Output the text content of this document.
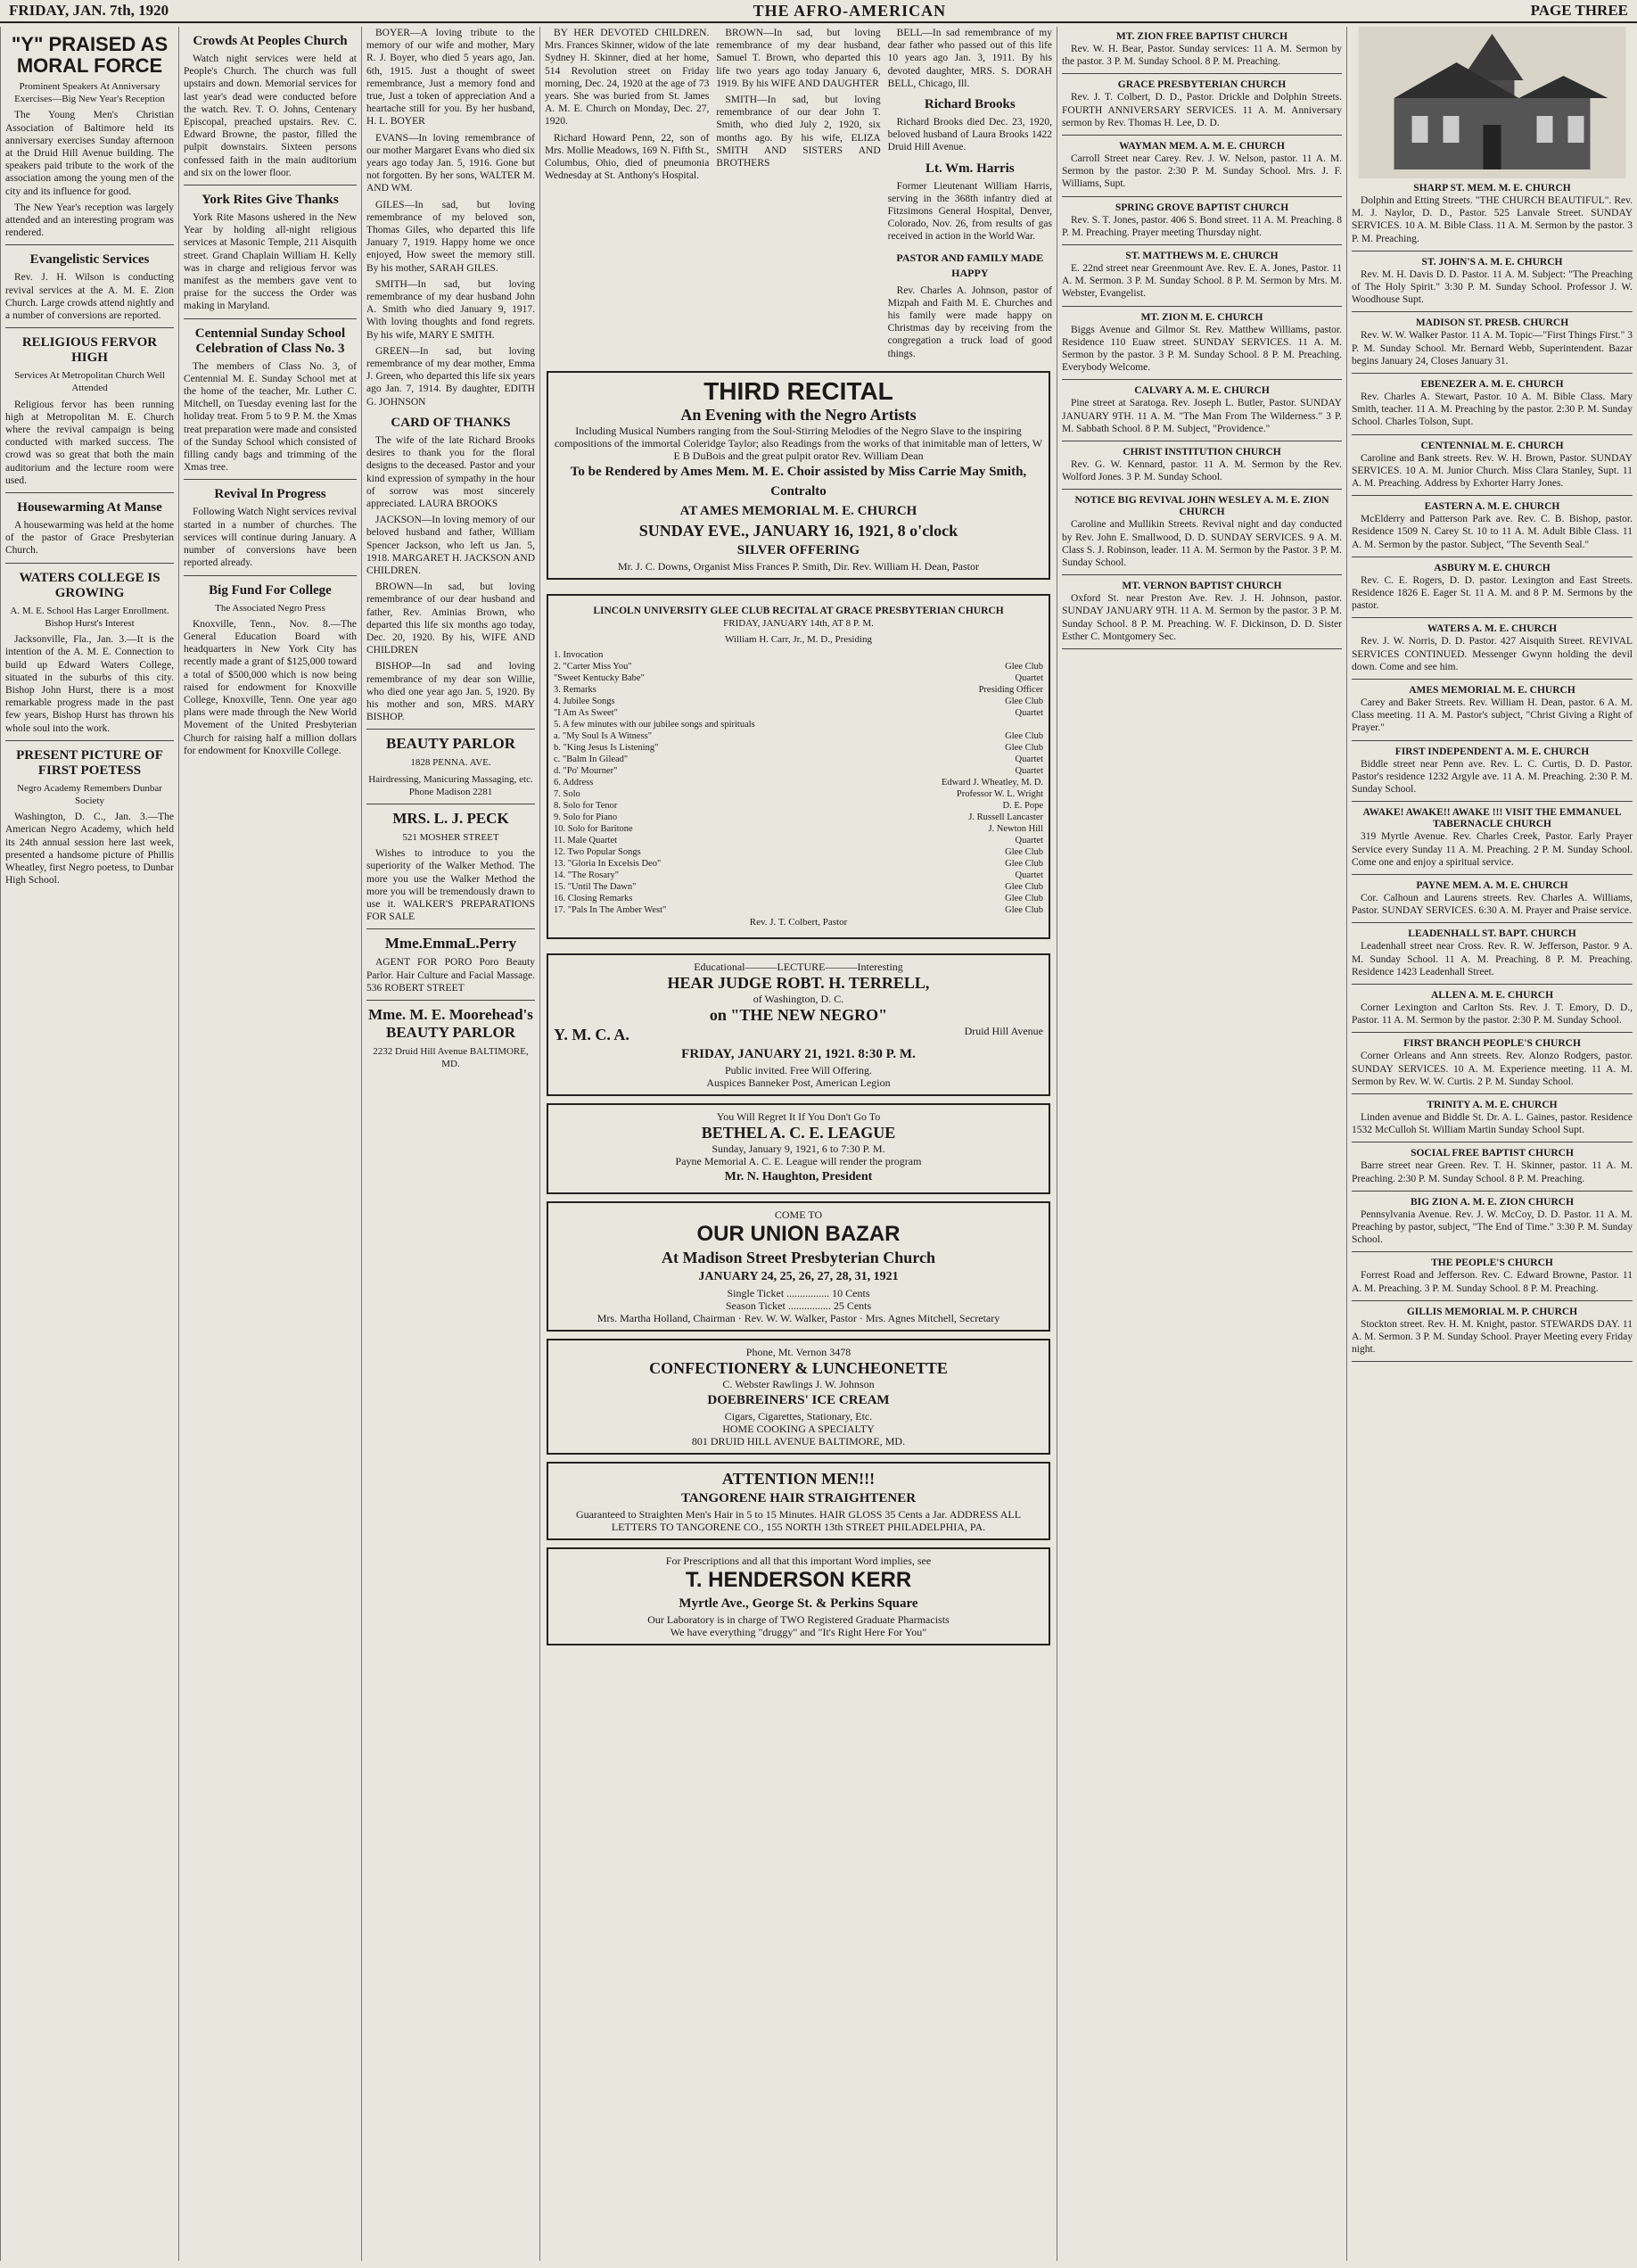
FRIDAY, JAN. 7th, 1920	THE AFRO-AMERICAN	PAGE THREE
"Y" PRAISED AS MORAL FORCE
Prominent Speakers At Anniversary Exercises—Big New Year's Reception

The Young Men's Christian Association of Baltimore held its anniversary exercises Sunday afternoon at the Druid Hill Avenue building. The speakers paid tribute to the work of the association among the young men of the city and its influence for good.

The New Year's reception was largely attended and an interesting program was rendered.

Evangelistic Services

Rev. J. H. Wilson is conducting revival services at the A. M. E. Zion Church. Large crowds attend nightly and a number of conversions are reported.

RELIGIOUS FERVOR HIGH
Services At Metropolitan Church Well Attended

Religious fervor has been running high at Metropolitan M. E. Church where the revival campaign is being conducted with marked success. The crowd was so great that both the main auditorium and the lecture room were used.

Housewarming At Manse

A housewarming was held at the home of the pastor of Grace Presbyterian Church.

WATERS COLLEGE IS GROWING
A. M. E. School Has Larger Enrollment. Bishop Hurst's Interest

Jacksonville, Fla., Jan. 3.—It is the intention of the A. M. E. Connection to build up Edward Waters College, situated in the suburbs of this city. Bishop John Hurst, there is a most remarkable progress made in the past few years, Bishop Hurst has thrown his whole soul into the work.

PRESENT PICTURE OF FIRST POETESS
Negro Academy Remembers Dunbar Society

Washington, D. C., Jan. 3.—The American Negro Academy, which held its 24th annual session here last week, presented a handsome picture of Phillis Wheatley, first Negro poetess, to Dunbar High School.

Crowds At Peoples Church

Watch night services were held at People's Church. The church was full upstairs and down. Memorial services for last year's dead were conducted before the watch. Rev. T. O. Johns, Centenary Episcopal, preached upstairs. Rev. C. Edward Browne, the pastor, filled the pulpit downstairs. Sixteen persons confessed faith in the main auditorium and six on the lower floor.

York Rites Give Thanks

York Rite Masons ushered in the New Year by holding all-night religious services at Masonic Temple, 211 Aisquith street. Grand Chaplain William H. Kelly was in charge and religious fervor was manifest as the members gave vent to praise for the success the Order was making in Maryland.

Centennial Sunday School Celebration of Class No. 3

The members of Class No. 3, of Centennial M. E. Sunday School met at the home of the teacher, Mr. Luther C. Mitchell, on Tuesday evening last for the holiday treat. From 5 to 9 P. M. the Xmas treat preparation were made and consisted of the Sunday School which consisted of filling candy bags and trimming of the Xmas tree.

Revival In Progress

Following Watch Night services revival started in a number of churches. The services will continue during January. A number of conversions have been reported already.

Big Fund For College
The Associated Negro Press

Knoxville, Tenn., Nov. 8.—The General Education Board with headquarters in New York City has recently made a grant of $125,000 toward a total of $500,000 which is now being raised for endowment for Knoxville College, Knoxville, Tenn. One year ago plans were made through the New World Movement of the United Presbyterian Church for raising half a million dollars for endowment for Knoxville College.

BOYER—A loving tribute to the memory of our wife and mother, Mary R. J. Boyer, who died 5 years ago, Jan. 6th, 1915. Just a thought of sweet remembrance, Just a memory fond and true, Just a token of appreciation And a heartache still for you. By her husband, H. L. BOYER

EVANS—In loving remembrance of our mother Margaret Evans who died six years ago today Jan. 5, 1916. Gone but not forgotten. By her sons, WALTER M. AND WM.

GILES—In sad, but loving remembrance of my beloved son, Thomas Giles, who departed this life January 7, 1919. Happy home we once enjoyed, How sweet the memory still. By his mother, SARAH GILES.

SMITH—In sad, but loving remembrance of my dear husband John A. Smith who died January 9, 1917. With loving thoughts and fond regrets. By his wife, MARY E SMITH.

GREEN—In sad, but loving remembrance of my dear mother, Emma J. Green, who departed this life six years ago Jan. 7, 1914. By daughter, EDITH G. JOHNSON

CARD OF THANKS

The wife of the late Richard Brooks desires to thank you for the floral designs to the deceased. Pastor and your kind expression of sympathy in the hour of sorrow was most sincerely appreciated. LAURA BROOKS

JACKSON—In loving memory of our beloved husband and father, William Spencer Jackson, who left us Jan. 5, 1918. MARGARET H. JACKSON AND CHILDREN.

BROWN—In sad, but loving remembrance of our dear husband and father, Rev. Aminias Brown, who departed this life six months ago today, Dec. 20, 1920. By his, WIFE AND CHILDREN

BISHOP—In sad and loving remembrance of my dear son Willie, who died one year ago Jan. 5, 1920. By his mother and son, MRS. MARY BISHOP.

BEAUTY PARLOR
1828 PENNA. AVE.
Hairdressing, Manicuring Massaging, etc. Phone Madison 2281
MRS. L. J. PECK
521 MOSHER STREET

Wishes to introduce to you the superiority of the Walker Method. The more you use the Walker Method the more you will be tremendously drawn to use it. WALKER'S PREPARATIONS FOR SALE

Mme.EmmaL.Perry

AGENT FOR PORO Poro Beauty Parlor. Hair Culture and Facial Massage. 536 ROBERT STREET

Mme. M. E. Moorehead's BEAUTY PARLOR
2232 Druid Hill Avenue BALTIMORE, MD.

BY HER DEVOTED CHILDREN. Mrs. Frances Skinner, widow of the late Sydney H. Skinner, died at her home, 514 Revolution street on Friday morning, Dec. 24, 1920 at the age of 73 years. She was buried from St. James A. M. E. Church on Monday, Dec. 27, 1920.

Richard Howard Penn, 22, son of Mrs. Mollie Meadows, 169 N. Fifth St., Columbus, Ohio, died of pneumonia Wednesday at St. Anthony's Hospital.

BROWN—In sad, but loving remembrance of my dear husband, Samuel T. Brown, who departed this life two years ago today January 6, 1919. By his WIFE AND DAUGHTER

SMITH—In sad, but loving remembrance of our dear John T. Smith, who died July 2, 1920, six months ago. By his wife, ELIZA SMITH AND SISTERS AND BROTHERS

BELL—In sad remembrance of my dear father who passed out of this life 10 years ago Jan. 3, 1911. By his devoted daughter, MRS. S. DORAH BELL, Chicago, Ill.

Richard Brooks

Richard Brooks died Dec. 23, 1920, beloved husband of Laura Brooks 1422 Druid Hill Avenue.

Lt. Wm. Harris

Former Lieutenant William Harris, serving in the 368th infantry died at Fitzsimons General Hospital, Denver, Colorado, Nov. 26, from results of gas received in action in the World War.

PASTOR AND FAMILY MADE HAPPY

Rev. Charles A. Johnson, pastor of Mizpah and Faith M. E. Churches and his family were made happy on Christmas day by receiving from the congregation a truck load of good things.

THIRD RECITAL
An Evening with the Negro Artists
Including Musical Numbers ranging from the Soul-Stirring Melodies of the Negro Slave to the inspiring compositions of the immortal Coleridge Taylor; also Readings from the works of that inimitable man of letters, W E B DuBois and the great pulpit orator Rev. William Dean
To be Rendered by Ames Mem. M. E. Choir assisted by Miss Carrie May Smith, Contralto
AT AMES MEMORIAL M. E. CHURCH
SUNDAY EVE., JANUARY 16, 1921, 8 o'clock
SILVER OFFERING
Mr. J. C. Downs, Organist Miss Frances P. Smith, Dir. Rev. William H. Dean, Pastor
LINCOLN UNIVERSITY GLEE CLUB RECITAL AT GRACE PRESBYTERIAN CHURCH
FRIDAY, JANUARY 14th, AT 8 P. M.
William H. Carr, Jr., M. D., Presiding
1. Invocation
2. "Carter Miss You"	Glee Club
"Sweet Kentucky Babe"	Quartet
3. Remarks	Presiding Officer
4. Jubilee Songs	Glee Club
"I Am As Sweet"	Quartet
5. A few minutes with our jubilee songs and spirituals
a. "My Soul Is A Witness"	Glee Club
b. "King Jesus Is Listening"	Glee Club
c. "Balm In Gilead"	Quartet
d. "Po' Mourner"	Quartet
6. Address	Edward J. Wheatley, M. D.
7. Solo	Professor W. L. Wright
8. Solo for Tenor	D. E. Pope
9. Solo for Piano	J. Russell Lancaster
10. Solo for Baritone	J. Newton Hill
11. Male Quartet	Quartet
12. Two Popular Songs	Glee Club
13. "Gloria In Excelsis Deo"	Glee Club
14. "The Rosary"	Quartet
15. "Until The Dawn"	Glee Club
16. Closing Remarks	Glee Club
17. "Pals In The Amber West"	Glee Club
Rev. J. T. Colbert, Pastor
Educational———LECTURE———Interesting
HEAR JUDGE ROBT. H. TERRELL,
of Washington, D. C.
on "THE NEW NEGRO"
Y. M. C. A.	Druid Hill Avenue
FRIDAY, JANUARY 21, 1921. 8:30 P. M.
Public invited. Free Will Offering.
Auspices Banneker Post, American Legion
You Will Regret It If You Don't Go To
BETHEL A. C. E. LEAGUE
Sunday, January 9, 1921, 6 to 7:30 P. M.
Payne Memorial A. C. E. League will render the program
Mr. N. Haughton, President
COME TO
OUR UNION BAZAR
At Madison Street Presbyterian Church
JANUARY 24, 25, 26, 27, 28, 31, 1921
Single Ticket ................ 10 Cents
Season Ticket ................ 25 Cents
Mrs. Martha Holland, Chairman · Rev. W. W. Walker, Pastor · Mrs. Agnes Mitchell, Secretary
Phone, Mt. Vernon 3478
CONFECTIONERY & LUNCHEONETTE
C. Webster Rawlings J. W. Johnson
DOEBREINERS' ICE CREAM
Cigars, Cigarettes, Stationary, Etc.
HOME COOKING A SPECIALTY
801 DRUID HILL AVENUE BALTIMORE, MD.
ATTENTION MEN!!!
TANGORENE HAIR STRAIGHTENER
Guaranteed to Straighten Men's Hair in 5 to 15 Minutes. HAIR GLOSS 35 Cents a Jar. ADDRESS ALL LETTERS TO TANGORENE CO., 155 NORTH 13th STREET PHILADELPHIA, PA.
For Prescriptions and all that this important Word implies, see
T. HENDERSON KERR
Myrtle Ave., George St. & Perkins Square
Our Laboratory is in charge of TWO Registered Graduate Pharmacists
We have everything "druggy" and "It's Right Here For You"
MT. ZION FREE BAPTIST CHURCH

Rev. W. H. Bear, Pastor. Sunday services: 11 A. M. Sermon by the pastor. 3 P. M. Sunday School. 8 P. M. Preaching.

GRACE PRESBYTERIAN CHURCH

Rev. J. T. Colbert, D. D., Pastor. Drickle and Dolphin Streets. FOURTH ANNIVERSARY SERVICES. 11 A. M. Anniversary sermon by Rev. Thomas H. Lee, D. D.

WAYMAN MEM. A. M. E. CHURCH

Carroll Street near Carey. Rev. J. W. Nelson, pastor. 11 A. M. Sermon by the pastor. 2:30 P. M. Sunday School. Mrs. J. F. Williams, Supt.

SPRING GROVE BAPTIST CHURCH

Rev. S. T. Jones, pastor. 406 S. Bond street. 11 A. M. Preaching. 8 P. M. Preaching. Prayer meeting Thursday night.

ST. MATTHEWS M. E. CHURCH

E. 22nd street near Greenmount Ave. Rev. E. A. Jones, Pastor. 11 A. M. Sermon. 3 P. M. Sunday School. 8 P. M. Sermon by Mrs. M. Webster, Evangelist.

MT. ZION M. E. CHURCH

Biggs Avenue and Gilmor St. Rev. Matthew Williams, pastor. Residence 110 Euaw street. SUNDAY SERVICES. 11 A. M. Sermon by the pastor. 3 P. M. Sunday School. 8 P. M. Preaching. Everybody Welcome.

CALVARY A. M. E. CHURCH

Pine street at Saratoga. Rev. Joseph L. Butler, Pastor. SUNDAY JANUARY 9TH. 11 A. M. "The Man From The Wilderness." 3 P. M. Sabbath School. 8 P. M. Subject, "Providence."

CHRIST INSTITUTION CHURCH

Rev. G. W. Kennard, pastor. 11 A. M. Sermon by the Rev. Wolford Jones. 3 P. M. Sunday School.

NOTICE BIG REVIVAL JOHN WESLEY A. M. E. ZION CHURCH

Caroline and Mullikin Streets. Revival night and day conducted by Rev. John E. Smallwood, D. D. SUNDAY SERVICES. 9 A. M. Class S. J. Robinson, leader. 11 A. M. Sermon by the Pastor. 3 P. M. Sunday School.

MT. VERNON BAPTIST CHURCH

Oxford St. near Preston Ave. Rev. J. H. Johnson, pastor. SUNDAY JANUARY 9TH. 11 A. M. Sermon by the pastor. 3 P. M. Sunday School. 8 P. M. Preaching. W. F. Dickinson, D. D. Sister Esther C. Montgomery Sec.

SHARP ST. MEM. M. E. CHURCH

Dolphin and Etting Streets. "THE CHURCH BEAUTIFUL". Rev. M. J. Naylor, D. D., Pastor. 525 Lanvale Street. SUNDAY SERVICES. 10 A. M. Bible Class. 11 A. M. Sermon by the pastor. 3 P. M. Preaching.

ST. JOHN'S A. M. E. CHURCH

Rev. M. H. Davis D. D. Pastor. 11 A. M. Subject: "The Preaching of The Holy Spirit." 3:30 P. M. Sunday School. Professor J. W. Woodhouse Supt.

MADISON ST. PRESB. CHURCH

Rev. W. W. Walker Pastor. 11 A. M. Topic—"First Things First." 3 P. M. Sunday School. Mr. Bernard Webb, Superintendent. Bazar begins January 24, Closes January 31.

EBENEZER A. M. E. CHURCH

Rev. Charles A. Stewart, Pastor. 10 A. M. Bible Class. Mary Smith, teacher. 11 A. M. Preaching by the pastor. 2:30 P. M. Sunday School. Charles Tolson, Supt.

CENTENNIAL M. E. CHURCH

Caroline and Bank streets. Rev. W. H. Brown, Pastor. SUNDAY SERVICES. 10 A. M. Junior Church. Miss Clara Stanley, Supt. 11 A. M. Preaching. Address by Exhorter Harry Jones.

EASTERN A. M. E. CHURCH

McElderry and Patterson Park ave. Rev. C. B. Bishop, pastor. Residence 1509 N. Carey St. 10 to 11 A. M. Adult Bible Class. 11 A. M. Sermon by the pastor. Subject, "The Seventh Seal."

ASBURY M. E. CHURCH

Rev. C. E. Rogers, D. D. pastor. Lexington and East Streets. Residence 1826 E. Eager St. 11 A. M. and 8 P. M. Sermons by the pastor.

WATERS A. M. E. CHURCH

Rev. J. W. Norris, D. D. Pastor. 427 Aisquith Street. REVIVAL SERVICES CONTINUED. Messenger Gwynn holding the devil down. Come and see him.

AMES MEMORIAL M. E. CHURCH

Carey and Baker Streets. Rev. William H. Dean, pastor. 6 A. M. Class meeting. 11 A. M. Pastor's subject, "Christ Giving a Right of Prayer."

FIRST INDEPENDENT A. M. E. CHURCH

Biddle street near Penn ave. Rev. L. C. Curtis, D. D. Pastor. Pastor's residence 1232 Argyle ave. 11 A. M. Preaching. 2:30 P. M. Sunday School.

AWAKE! AWAKE!! AWAKE !!! VISIT THE EMMANUEL TABERNACLE CHURCH

319 Myrtle Avenue. Rev. Charles Creek, Pastor. Early Prayer Service every Sunday 11 A. M. Preaching. 2 P. M. Sunday School. Come one and enjoy a spiritual service.

PAYNE MEM. A. M. E. CHURCH

Cor. Calhoun and Laurens streets. Rev. Charles A. Williams, Pastor. SUNDAY SERVICES. 6:30 A. M. Prayer and Praise service.

LEADENHALL ST. BAPT. CHURCH

Leadenhall street near Cross. Rev. R. W. Jefferson, Pastor. 9 A. M. Sunday School. 11 A. M. Preaching. 8 P. M. Preaching. Residence 1423 Leadenhall Street.

ALLEN A. M. E. CHURCH

Corner Lexington and Carlton Sts. Rev. J. T. Emory, D. D., Pastor. 11 A. M. Sermon by the pastor. 2:30 P. M. Sunday School.

FIRST BRANCH PEOPLE'S CHURCH

Corner Orleans and Ann streets. Rev. Alonzo Rodgers, pastor. SUNDAY SERVICES. 10 A. M. Experience meeting. 11 A. M. Sermon by Rev. W. W. Curtis. 2 P. M. Sunday School.

TRINITY A. M. E. CHURCH

Linden avenue and Biddle St. Dr. A. L. Gaines, pastor. Residence 1532 McCulloh St. William Martin Sunday School Supt.

SOCIAL FREE BAPTIST CHURCH

Barre street near Green. Rev. T. H. Skinner, pastor. 11 A. M. Preaching. 2:30 P. M. Sunday School. 8 P. M. Preaching.

BIG ZION A. M. E. ZION CHURCH

Pennsylvania Avenue. Rev. J. W. McCoy, D. D. Pastor. 11 A. M. Preaching by pastor, subject, "The End of Time." 3:30 P. M. Sunday School.

THE PEOPLE'S CHURCH

Forrest Road and Jefferson. Rev. C. Edward Browne, Pastor. 11 A. M. Preaching. 3 P. M. Sunday School. 8 P. M. Preaching.

GILLIS MEMORIAL M. P. CHURCH

Stockton street. Rev. H. M. Knight, pastor. STEWARDS DAY. 11 A. M. Sermon. 3 P. M. Sunday School. Prayer Meeting every Friday night.
